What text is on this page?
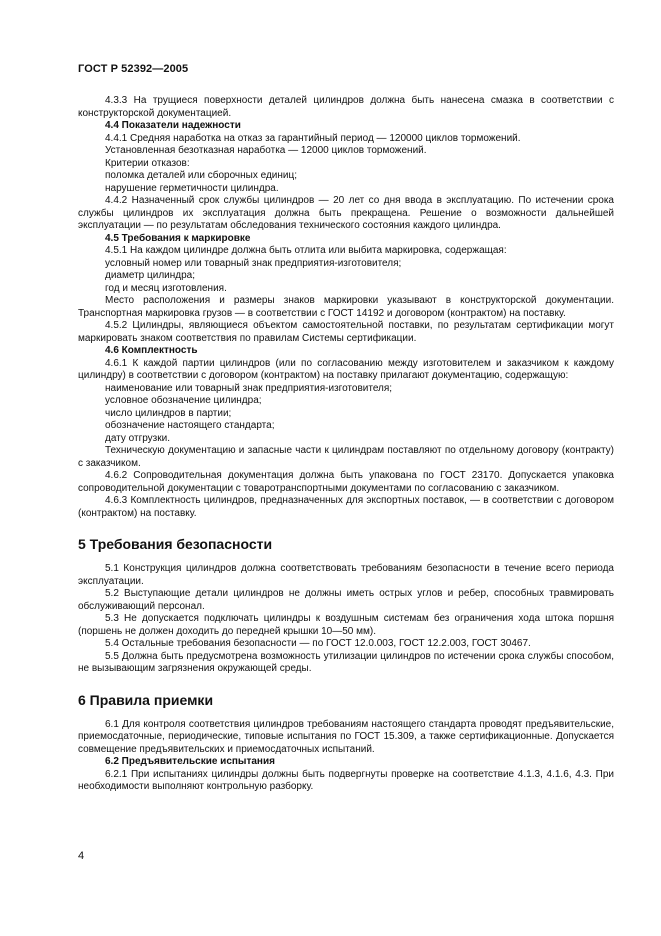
ГОСТ Р 52392—2005
4.3.3 На трущиеся поверхности деталей цилиндров должна быть нанесена смазка в соответствии с конструкторской документацией.
4.4 Показатели надежности
4.4.1 Средняя наработка на отказ за гарантийный период — 120000 циклов торможений.
Установленная безотказная наработка — 12000 циклов торможений.
Критерии отказов:
поломка деталей или сборочных единиц;
нарушение герметичности цилиндра.
4.4.2 Назначенный срок службы цилиндров — 20 лет со дня ввода в эксплуатацию. По истечении срока службы цилиндров их эксплуатация должна быть прекращена. Решение о возможности дальнейшей эксплуатации — по результатам обследования технического состояния каждого цилиндра.
4.5 Требования к маркировке
4.5.1 На каждом цилиндре должна быть отлита или выбита маркировка, содержащая:
условный номер или товарный знак предприятия-изготовителя;
диаметр цилиндра;
год и месяц изготовления.
Место расположения и размеры знаков маркировки указывают в конструкторской документации. Транспортная маркировка грузов — в соответствии с ГОСТ 14192 и договором (контрактом) на поставку.
4.5.2 Цилиндры, являющиеся объектом самостоятельной поставки, по результатам сертификации могут маркировать знаком соответствия по правилам Системы сертификации.
4.6 Комплектность
4.6.1 К каждой партии цилиндров (или по согласованию между изготовителем и заказчиком к каждому цилиндру) в соответствии с договором (контрактом) на поставку прилагают документацию, содержащую:
наименование или товарный знак предприятия-изготовителя;
условное обозначение цилиндра;
число цилиндров в партии;
обозначение настоящего стандарта;
дату отгрузки.
Техническую документацию и запасные части к цилиндрам поставляют по отдельному договору (контракту) с заказчиком.
4.6.2 Сопроводительная документация должна быть упакована по ГОСТ 23170. Допускается упаковка сопроводительной документации с товаротранспортными документами по согласованию с заказчиком.
4.6.3 Комплектность цилиндров, предназначенных для экспортных поставок, — в соответствии с договором (контрактом) на поставку.
5 Требования безопасности
5.1 Конструкция цилиндров должна соответствовать требованиям безопасности в течение всего периода эксплуатации.
5.2 Выступающие детали цилиндров не должны иметь острых углов и ребер, способных травмировать обслуживающий персонал.
5.3 Не допускается подключать цилиндры к воздушным системам без ограничения хода штока поршня (поршень не должен доходить до передней крышки 10—50 мм).
5.4 Остальные требования безопасности — по ГОСТ 12.0.003, ГОСТ 12.2.003, ГОСТ 30467.
5.5 Должна быть предусмотрена возможность утилизации цилиндров по истечении срока службы способом, не вызывающим загрязнения окружающей среды.
6 Правила приемки
6.1 Для контроля соответствия цилиндров требованиям настоящего стандарта проводят предъявительские, приемосдаточные, периодические, типовые испытания по ГОСТ 15.309, а также сертификационные. Допускается совмещение предъявительских и приемосдаточных испытаний.
6.2 Предъявительские испытания
6.2.1 При испытаниях цилиндры должны быть подвергнуты проверке на соответствие 4.1.3, 4.1.6, 4.3. При необходимости выполняют контрольную разборку.
4
